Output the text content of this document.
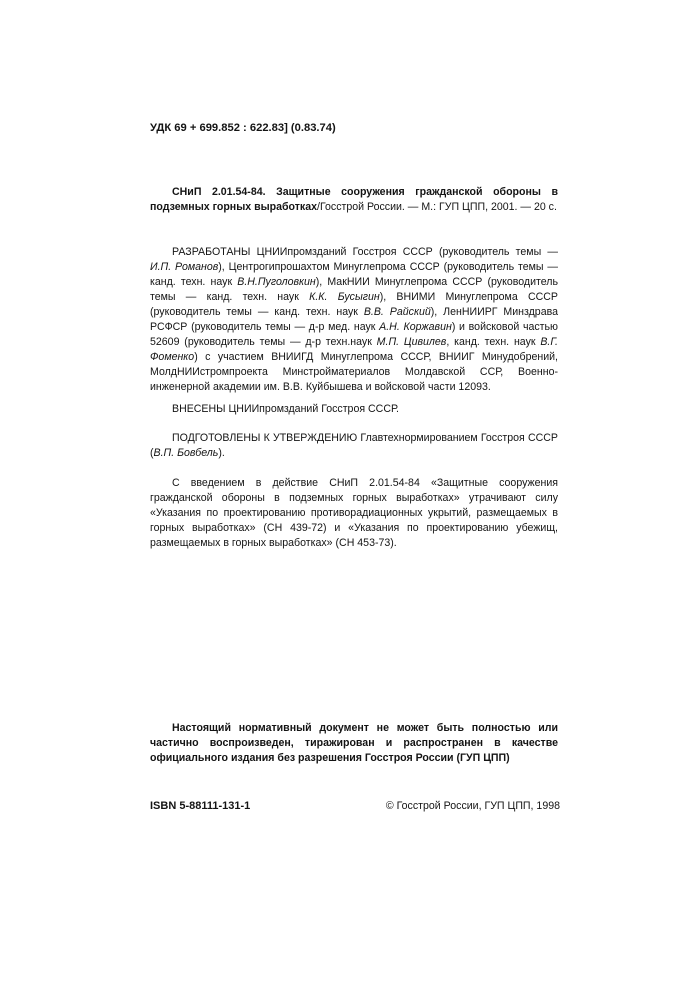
УДК 69 + 699.852 : 622.83] (0.83.74)
СНиП 2.01.54-84. Защитные сооружения гражданской обороны в подземных горных выработках/Госстрой России. — М.: ГУП ЦПП, 2001. — 20 с.
РАЗРАБОТАНЫ ЦНИИпромзданий Госстроя СССР (руководитель темы — И.П. Романов), Центрогипрошахтом Минуглепрома СССР (руководитель темы — канд. техн. наук В.Н.Пуголовкин), МакНИИ Минуглепрома СССР (руководитель темы — канд. техн. наук К.К. Бусыгин), ВНИМИ Минуглепрома СССР (руководитель темы — канд. техн. наук В.В. Райский), ЛенНИИРГ Минздрава РСФСР (руководитель темы — д-р мед. наук А.Н. Коржавин) и войсковой частью 52609 (руководитель темы — д-р техн.наук М.П. Цивилев, канд. техн. наук В.Г. Фоменко) с участием ВНИИГД Минуглепрома СССР, ВНИИГ Минудобрений, МолдНИИстромпроекта Минстройматериалов Молдавской ССР, Военно-инженерной академии им. В.В. Куйбышева и войсковой части 12093.
ВНЕСЕНЫ ЦНИИпромзданий Госстроя СССР.
ПОДГОТОВЛЕНЫ К УТВЕРЖДЕНИЮ Главтехнормированием Госстроя СССР (В.П. Бовбель).
С введением в действие СНиП 2.01.54-84 «Защитные сооружения гражданской обороны в подземных горных выработках» утрачивают силу «Указания по проектированию противорадиационных укрытий, размещаемых в горных выработках» (СН 439-72) и «Указания по проектированию убежищ, размещаемых в горных выработках» (СН 453-73).
Настоящий нормативный документ не может быть полностью или частично воспроизведен, тиражирован и распространен в качестве официального издания без разрешения Госстроя России (ГУП ЦПП)
ISBN 5-88111-131-1	© Госстрой России, ГУП ЦПП, 1998
